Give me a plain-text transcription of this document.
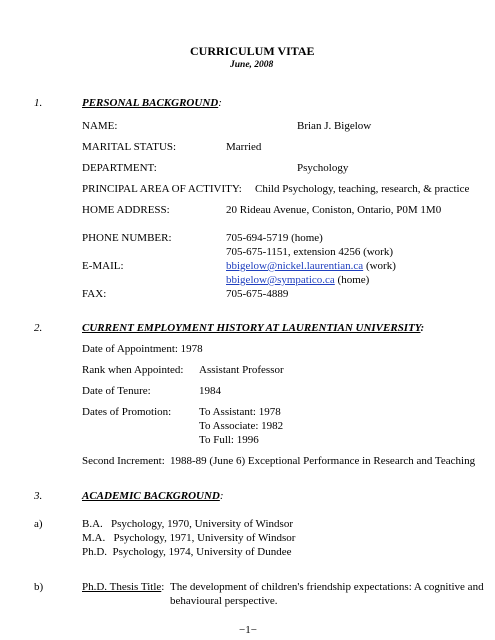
CURRICULUM VITAE
June, 2008
1.	PERSONAL BACKGROUND:
NAME:	Brian J. Bigelow
MARITAL STATUS:	Married
DEPARTMENT:	Psychology
PRINCIPAL AREA OF ACTIVITY: Child Psychology, teaching, research, & practice
HOME ADDRESS:	20 Rideau Avenue, Coniston, Ontario, P0M 1M0
PHONE NUMBER:	705-694-5719 (home)
705-675-1151, extension 4256 (work)
E-MAIL:	bbigelow@nickel.laurentian.ca (work)
bbigelow@sympatico.ca (home)
FAX:	705-675-4889
2.	CURRENT EMPLOYMENT HISTORY AT LAURENTIAN UNIVERSITY:
Date of Appointment: 1978
Rank when Appointed: Assistant Professor
Date of Tenure:	1984
Dates of Promotion:	To Assistant: 1978
To Associate: 1982
To Full: 1996
Second Increment: 1988-89 (June 6) Exceptional Performance in Research and Teaching
3.	ACADEMIC BACKGROUND:
a)	B.A.   Psychology, 1970, University of Windsor
M.A.   Psychology, 1971, University of Windsor
Ph.D.  Psychology, 1974, University of Dundee
b)	Ph.D. Thesis Title: The development of children's friendship expectations: A cognitive and
behavioural perspective.
−1−
